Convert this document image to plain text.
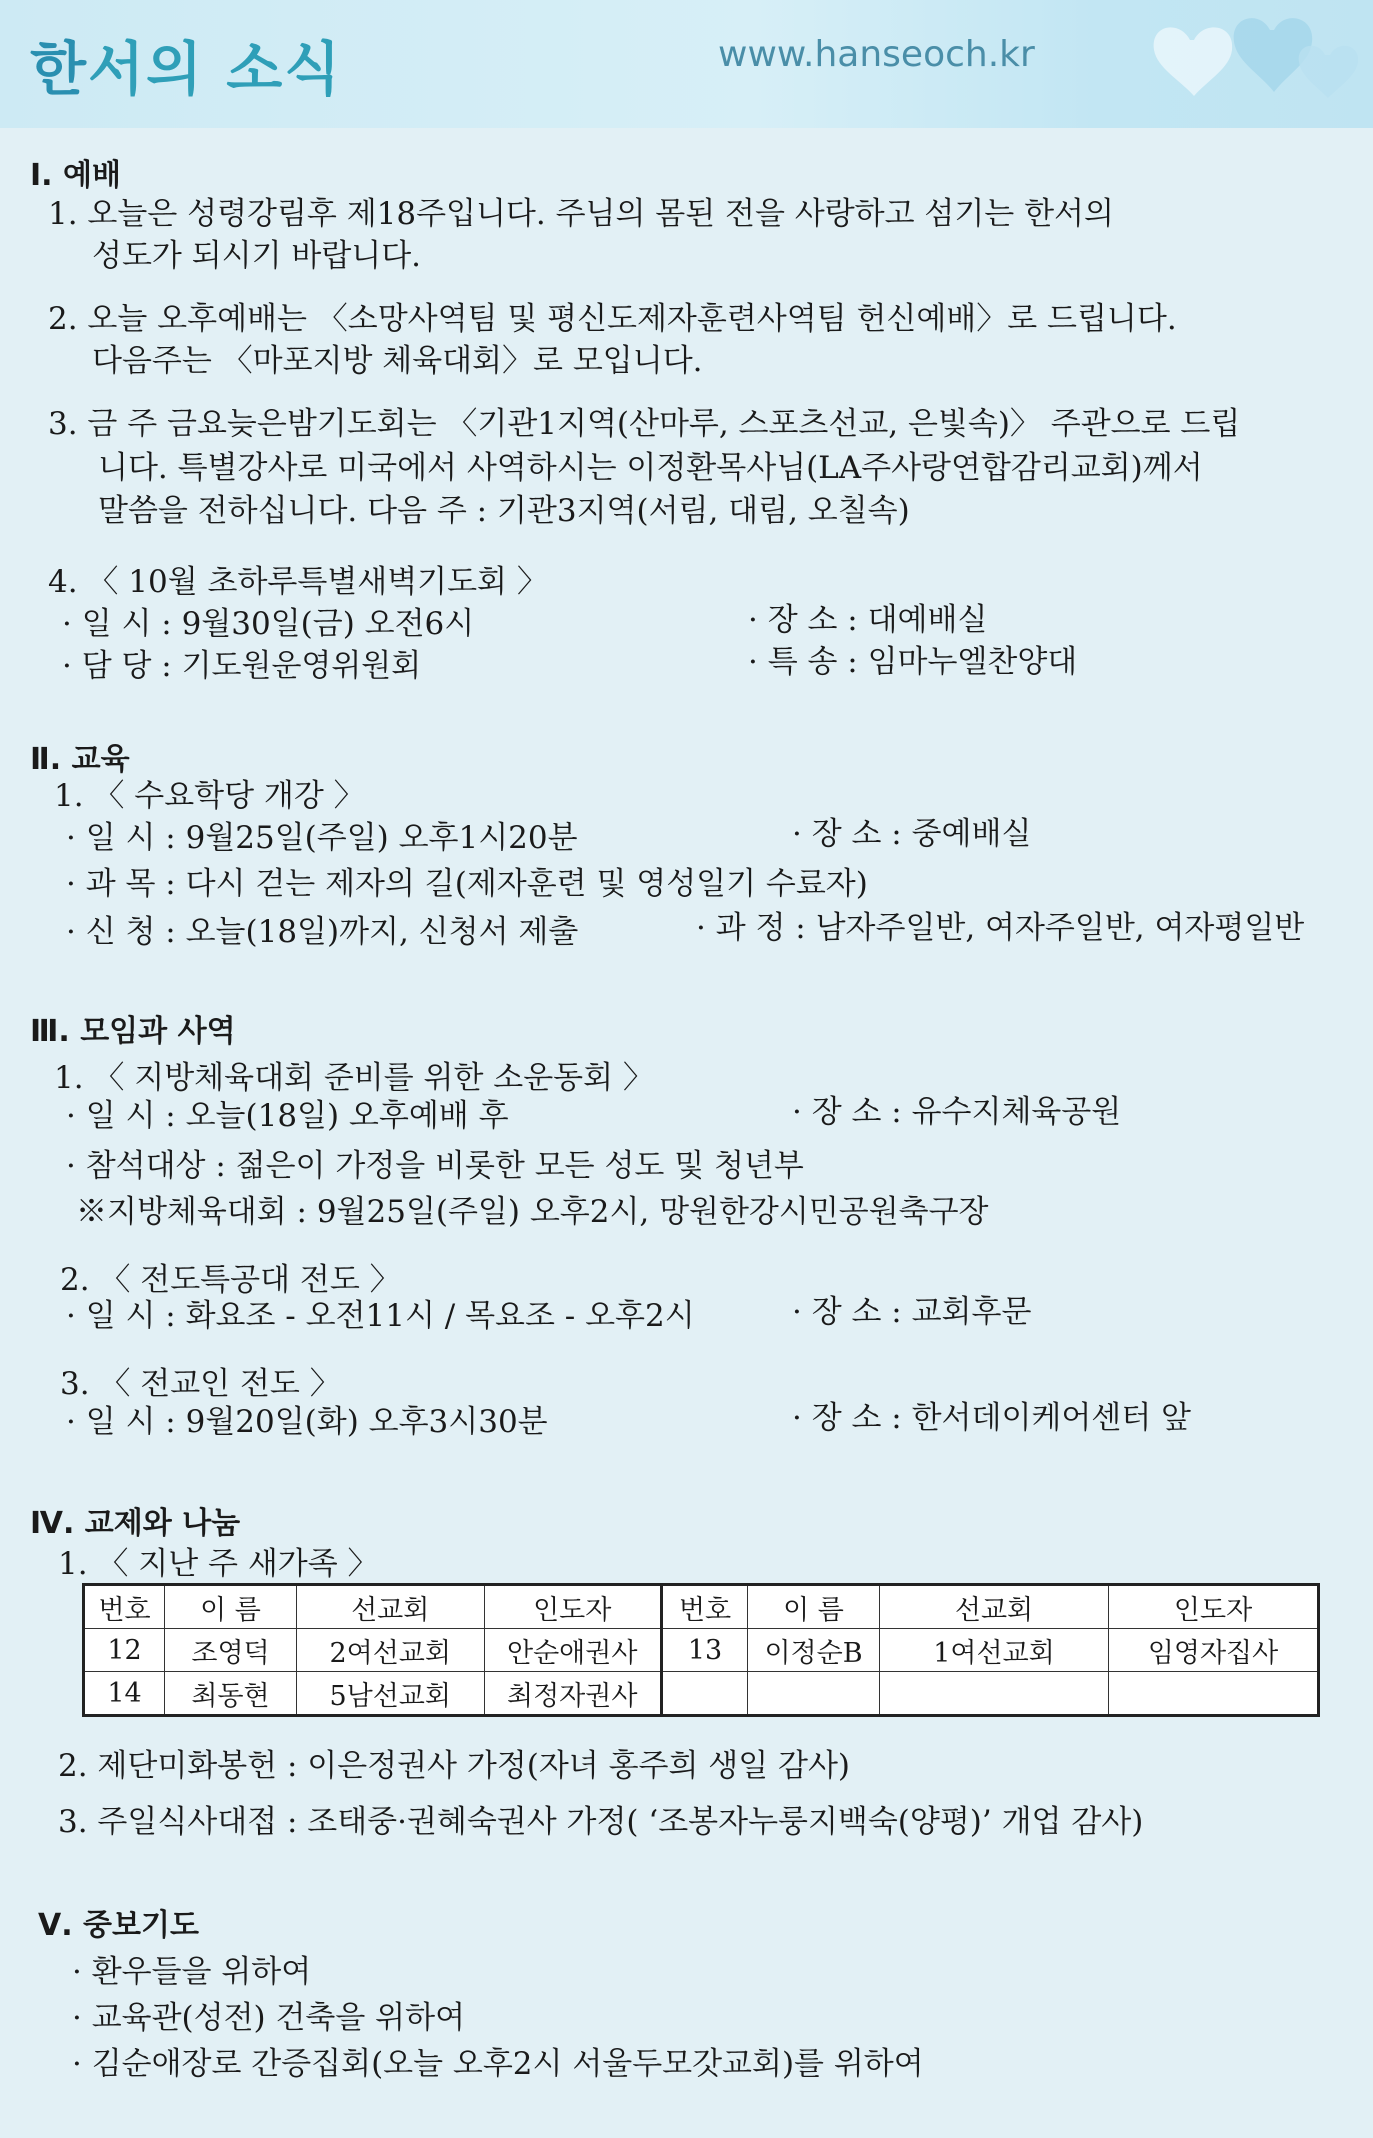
한서의 소식	www.hanseoch.kr
Ⅰ. 예배
1. 오늘은 성령강림후 제18주입니다. 주님의 몸된 전을 사랑하고 섬기는 한서의
성도가 되시기 바랍니다.
2. 오늘 오후예배는 〈소망사역팀 및 평신도제자훈련사역팀 헌신예배〉로 드립니다.
다음주는 〈마포지방 체육대회〉로 모입니다.
3. 금 주 금요늦은밤기도회는 〈기관1지역(산마루, 스포츠선교, 은빛속)〉 주관으로 드립
니다. 특별강사로 미국에서 사역하시는 이정환목사님(LA주사랑연합감리교회)께서
말씀을 전하십니다. 다음 주 : 기관3지역(서림, 대림, 오칠속)
4. 〈 10월 초하루특별새벽기도회 〉
· 일 시 : 9월30일(금) 오전6시	· 장 소 : 대예배실
· 담 당 : 기도원운영위원회	· 특 송 : 임마누엘찬양대
Ⅱ. 교육
1. 〈 수요학당 개강 〉
· 일 시 : 9월25일(주일) 오후1시20분	· 장 소 : 중예배실
· 과 목 : 다시 걷는 제자의 길(제자훈련 및 영성일기 수료자)
· 신 청 : 오늘(18일)까지, 신청서 제출	· 과 정 : 남자주일반, 여자주일반, 여자평일반
Ⅲ. 모임과 사역
1. 〈 지방체육대회 준비를 위한 소운동회 〉
· 일 시 : 오늘(18일) 오후예배 후	· 장 소 : 유수지체육공원
· 참석대상 : 젊은이 가정을 비롯한 모든 성도 및 청년부
※지방체육대회 : 9월25일(주일) 오후2시, 망원한강시민공원축구장
2. 〈 전도특공대 전도 〉
· 일 시 : 화요조 - 오전11시 / 목요조 - 오후2시	· 장 소 : 교회후문
3. 〈 전교인 전도 〉
· 일 시 : 9월20일(화) 오후3시30분	· 장 소 : 한서데이케어센터 앞
Ⅳ. 교제와 나눔
1. 〈 지난 주 새가족 〉
번호	이 름	선교회	인도자	번호	이 름	선교회	인도자
12	조영덕	2여선교회	안순애권사	13	이정순B	1여선교회	임영자집사
14	최동현	5남선교회	최정자권사				
2. 제단미화봉헌 : 이은정권사 가정(자녀 홍주희 생일 감사)
3. 주일식사대접 : 조태중·권혜숙권사 가정( ‘조봉자누룽지백숙(양평)’ 개업 감사)
Ⅴ. 중보기도
· 환우들을 위하여
· 교육관(성전) 건축을 위하여
· 김순애장로 간증집회(오늘 오후2시 서울두모갓교회)를 위하여
